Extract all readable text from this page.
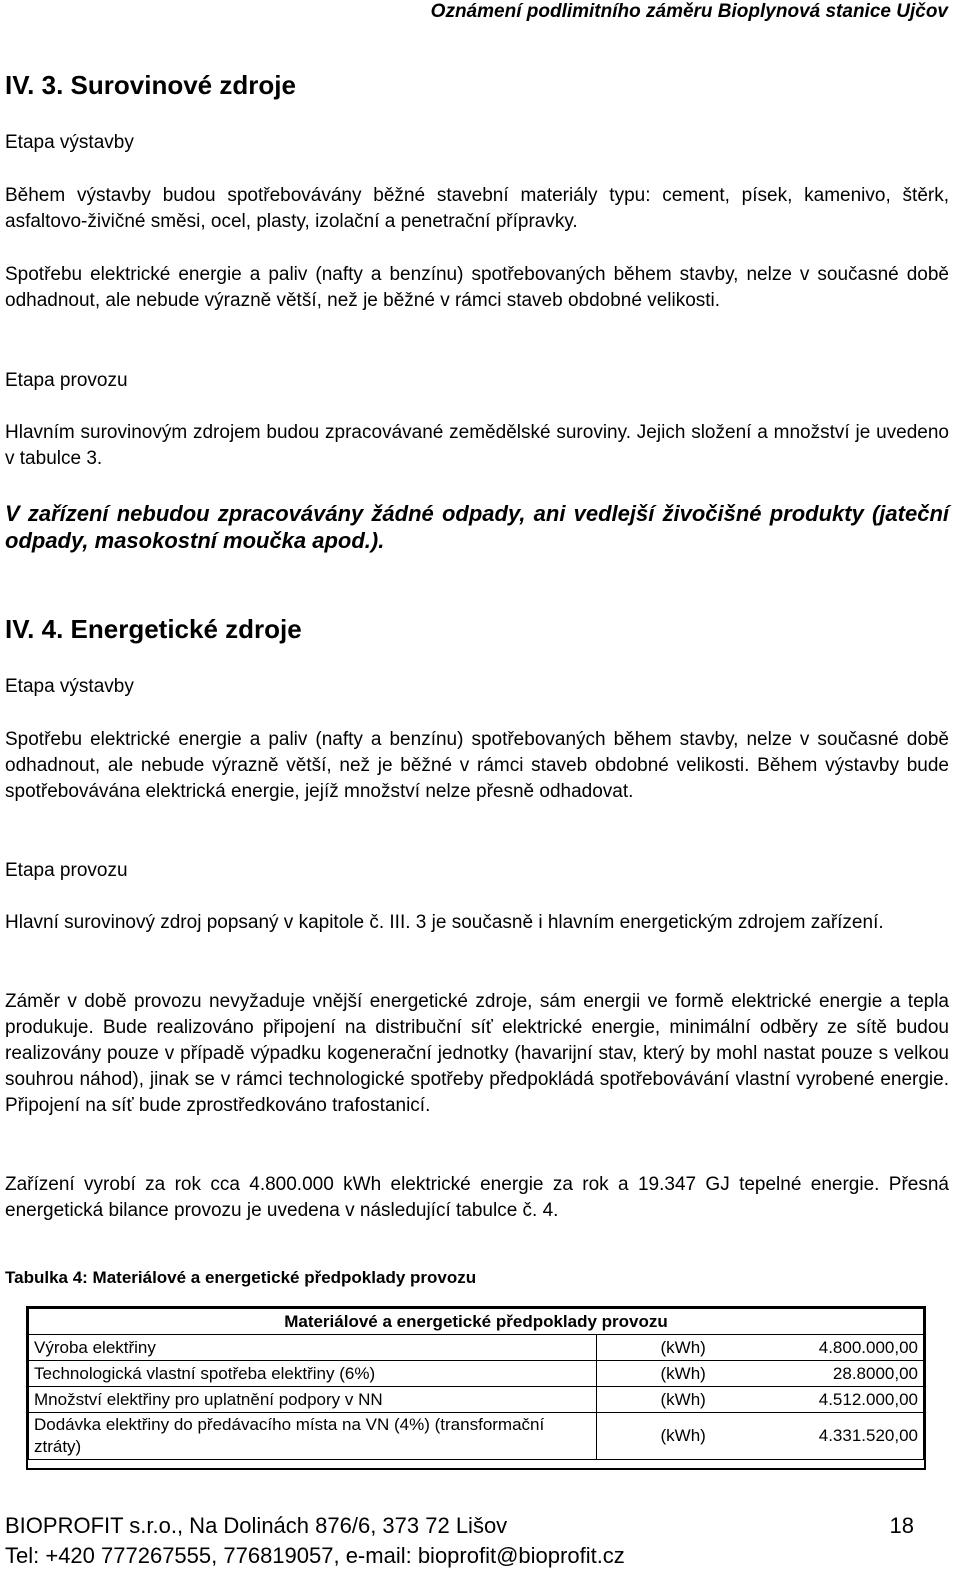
Oznámení podlimitního záměru Bioplynová stanice Ujčov
IV. 3. Surovinové zdroje
Etapa výstavby
Během výstavby budou spotřebovávány běžné stavební materiály typu: cement, písek, kamenivo, štěrk, asfaltovo-živičné směsi, ocel, plasty, izolační a penetrační přípravky.
Spotřebu elektrické energie a paliv (nafty a benzínu) spotřebovaných během stavby, nelze v současné době odhadnout, ale nebude výrazně větší, než je běžné v rámci staveb obdobné velikosti.
Etapa provozu
Hlavním surovinovým zdrojem budou zpracovávané zemědělské suroviny. Jejich složení a množství je uvedeno v tabulce 3.
V zařízení nebudou zpracovávány žádné odpady, ani vedlejší živočišné produkty (jateční odpady, masokostní moučka apod.).
IV. 4. Energetické zdroje
Etapa výstavby
Spotřebu elektrické energie a paliv (nafty a benzínu) spotřebovaných během stavby, nelze v současné době odhadnout, ale nebude výrazně větší, než je běžné v rámci staveb obdobné velikosti. Během výstavby bude spotřebovávána elektrická energie, jejíž množství nelze přesně odhadovat.
Etapa provozu
Hlavní surovinový zdroj popsaný v kapitole č. III. 3 je současně i hlavním energetickým zdrojem zařízení.
Záměr v době provozu nevyžaduje vnější energetické zdroje, sám energii ve formě elektrické energie a tepla produkuje. Bude realizováno připojení na distribuční síť elektrické energie, minimální odběry ze sítě budou realizovány pouze v případě výpadku kogenerační jednotky (havarijní stav, který by mohl nastat pouze s velkou souhrou náhod), jinak se v rámci technologické spotřeby předpokládá spotřebovávání vlastní vyrobené energie. Připojení na síť bude zprostředkováno trafostanicí.
Zařízení vyrobí za rok cca 4.800.000 kWh elektrické energie za rok a 19.347 GJ tepelné energie. Přesná energetická bilance provozu je uvedena v následující tabulce č. 4.
Tabulka 4: Materiálové a energetické předpoklady provozu
Materiálové a energetické předpoklady provozu		
Výroba elektřiny	(kWh)	4.800.000,00
Technologická vlastní spotřeba elektřiny (6%)	(kWh)	28.8000,00
Množství elektřiny pro uplatnění podpory v NN	(kWh)	4.512.000,00
Dodávka elektřiny do předávacího místa na VN (4%) (transformační ztráty)	(kWh)	4.331.520,00
BIOPROFIT s.r.o., Na Dolinách 876/6, 373 72 Lišov	18
Tel: +420 777267555, 776819057, e-mail: bioprofit@bioprofit.cz
